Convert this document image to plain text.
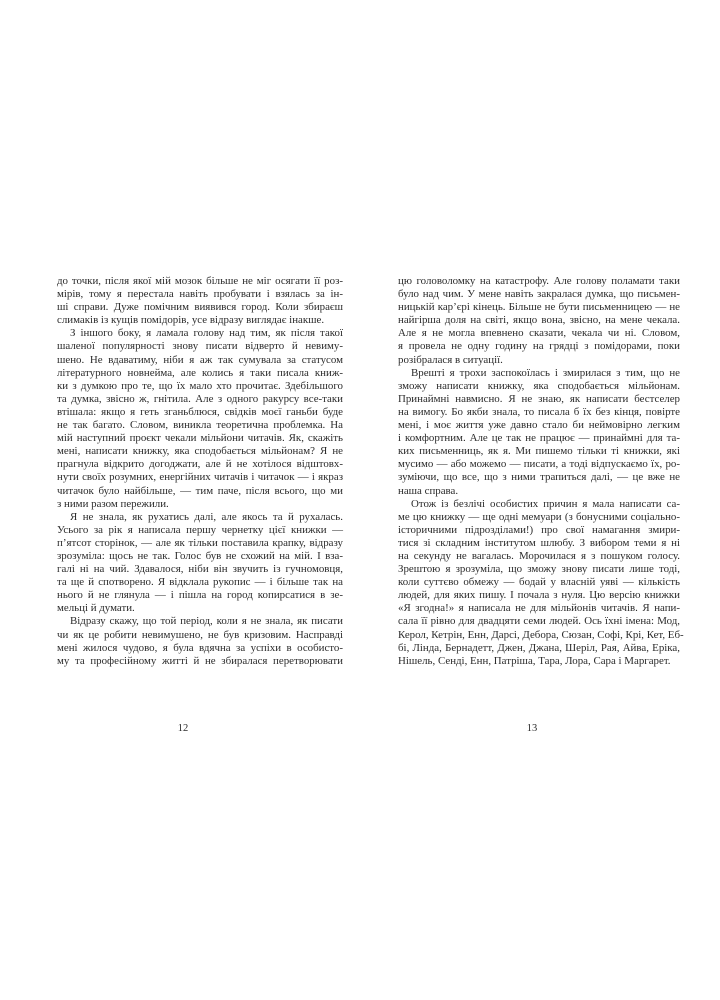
до точки, після якої мій мозок більше не міг осягати її роз-
мірів, тому я перестала навіть пробувати і взялась за ін-
ші справи. Дуже помічним виявився город. Коли збираєш
слимаків із кущів помідорів, усе відразу виглядає інакше.
З іншого боку, я ламала голову над тим, як після такої
шаленої популярності знову писати відверто й невиму-
шено. Не вдаватиму, ніби я аж так сумувала за статусом
літературного новнейма, але колись я таки писала книж-
ки з думкою про те, що їх мало хто прочитає. Здебільшого
та думка, звісно ж, гнітила. Але з одного ракурсу все-таки
втішала: якщо я геть зганьблюся, свідків моєї ганьби буде
не так багато. Словом, виникла теоретична проблемка. На
мій наступний проєкт чекали мільйони читачів. Як, скажіть
мені, написати книжку, яка сподобається мільйонам? Я не
прагнула відкрито догоджати, але й не хотілося відштовх-
нути своїх розумних, енергійних читачів і читачок — і якраз
читачок було найбільше, — тим паче, після всього, що ми
з ними разом пережили.
Я не знала, як рухатись далі, але якось та й рухалась.
Усього за рік я написала першу чернетку цієї книжки —
п’ятсот сторінок, — але як тільки поставила крапку, відразу
зрозуміла: щось не так. Голос був не схожий на мій. І вза-
галі ні на чий. Здавалося, ніби він звучить із гучномовця,
та ще й спотворено. Я відклала рукопис — і більше так на
нього й не глянула — і пішла на город копирсатися в зе-
мельці й думати.
Відразу скажу, що той період, коли я не знала, як писати
чи як це робити невимушено, не був кризовим. Насправді
мені жилося чудово, я була вдячна за успіхи в особисто-
му та професійному житті й не збиралася перетворювати
цю головоломку на катастрофу. Але голову поламати таки
було над чим. У мене навіть закралася думка, що письмен-
ницькій кар’єрі кінець. Більше не бути письменницею — не
найгірша доля на світі, якщо вона, звісно, на мене чекала.
Але я не могла впевнено сказати, чекала чи ні. Словом,
я провела не одну годину на грядці з помідорами, поки
розібралася в ситуації.
Врешті я трохи заспокоїлась і змирилася з тим, що не
зможу написати книжку, яка сподобається мільйонам.
Принаймні навмисно. Я не знаю, як написати бестселер
на вимогу. Бо якби знала, то писала б їх без кінця, повірте
мені, і моє життя уже давно стало би неймовірно легким
і комфортним. Але це так не працює — принаймні для та-
ких письменниць, як я. Ми пишемо тільки ті книжки, які
мусимо — або можемо — писати, а тоді відпускаємо їх, ро-
зуміючи, що все, що з ними трапиться далі, — це вже не
наша справа.
Отож із безлічі особистих причин я мала написати са-
ме цю книжку — ще одні мемуари (з бонусними соціально-
історичними підрозділами!) про свої намагання змири-
тися зі складним інститутом шлюбу. З вибором теми я ні
на секунду не вагалась. Морочилася я з пошуком голосу.
Зрештою я зрозуміла, що зможу знову писати лише тоді,
коли суттєво обмежу — бодай у власній уяві — кількість
людей, для яких пишу. І почала з нуля. Цю версію книжки
«Я згодна!» я написала не для мільйонів читачів. Я напи-
сала її рівно для двадцяти семи людей. Ось їхні імена: Мод,
Керол, Кетрін, Енн, Дарсі, Дебора, Сюзан, Софі, Крі, Кет, Еб-
бі, Лінда, Бернадетт, Джен, Джана, Шеріл, Рая, Айва, Еріка,
Нішель, Сенді, Енн, Патріша, Тара, Лора, Сара і Маргарет.
12	13
